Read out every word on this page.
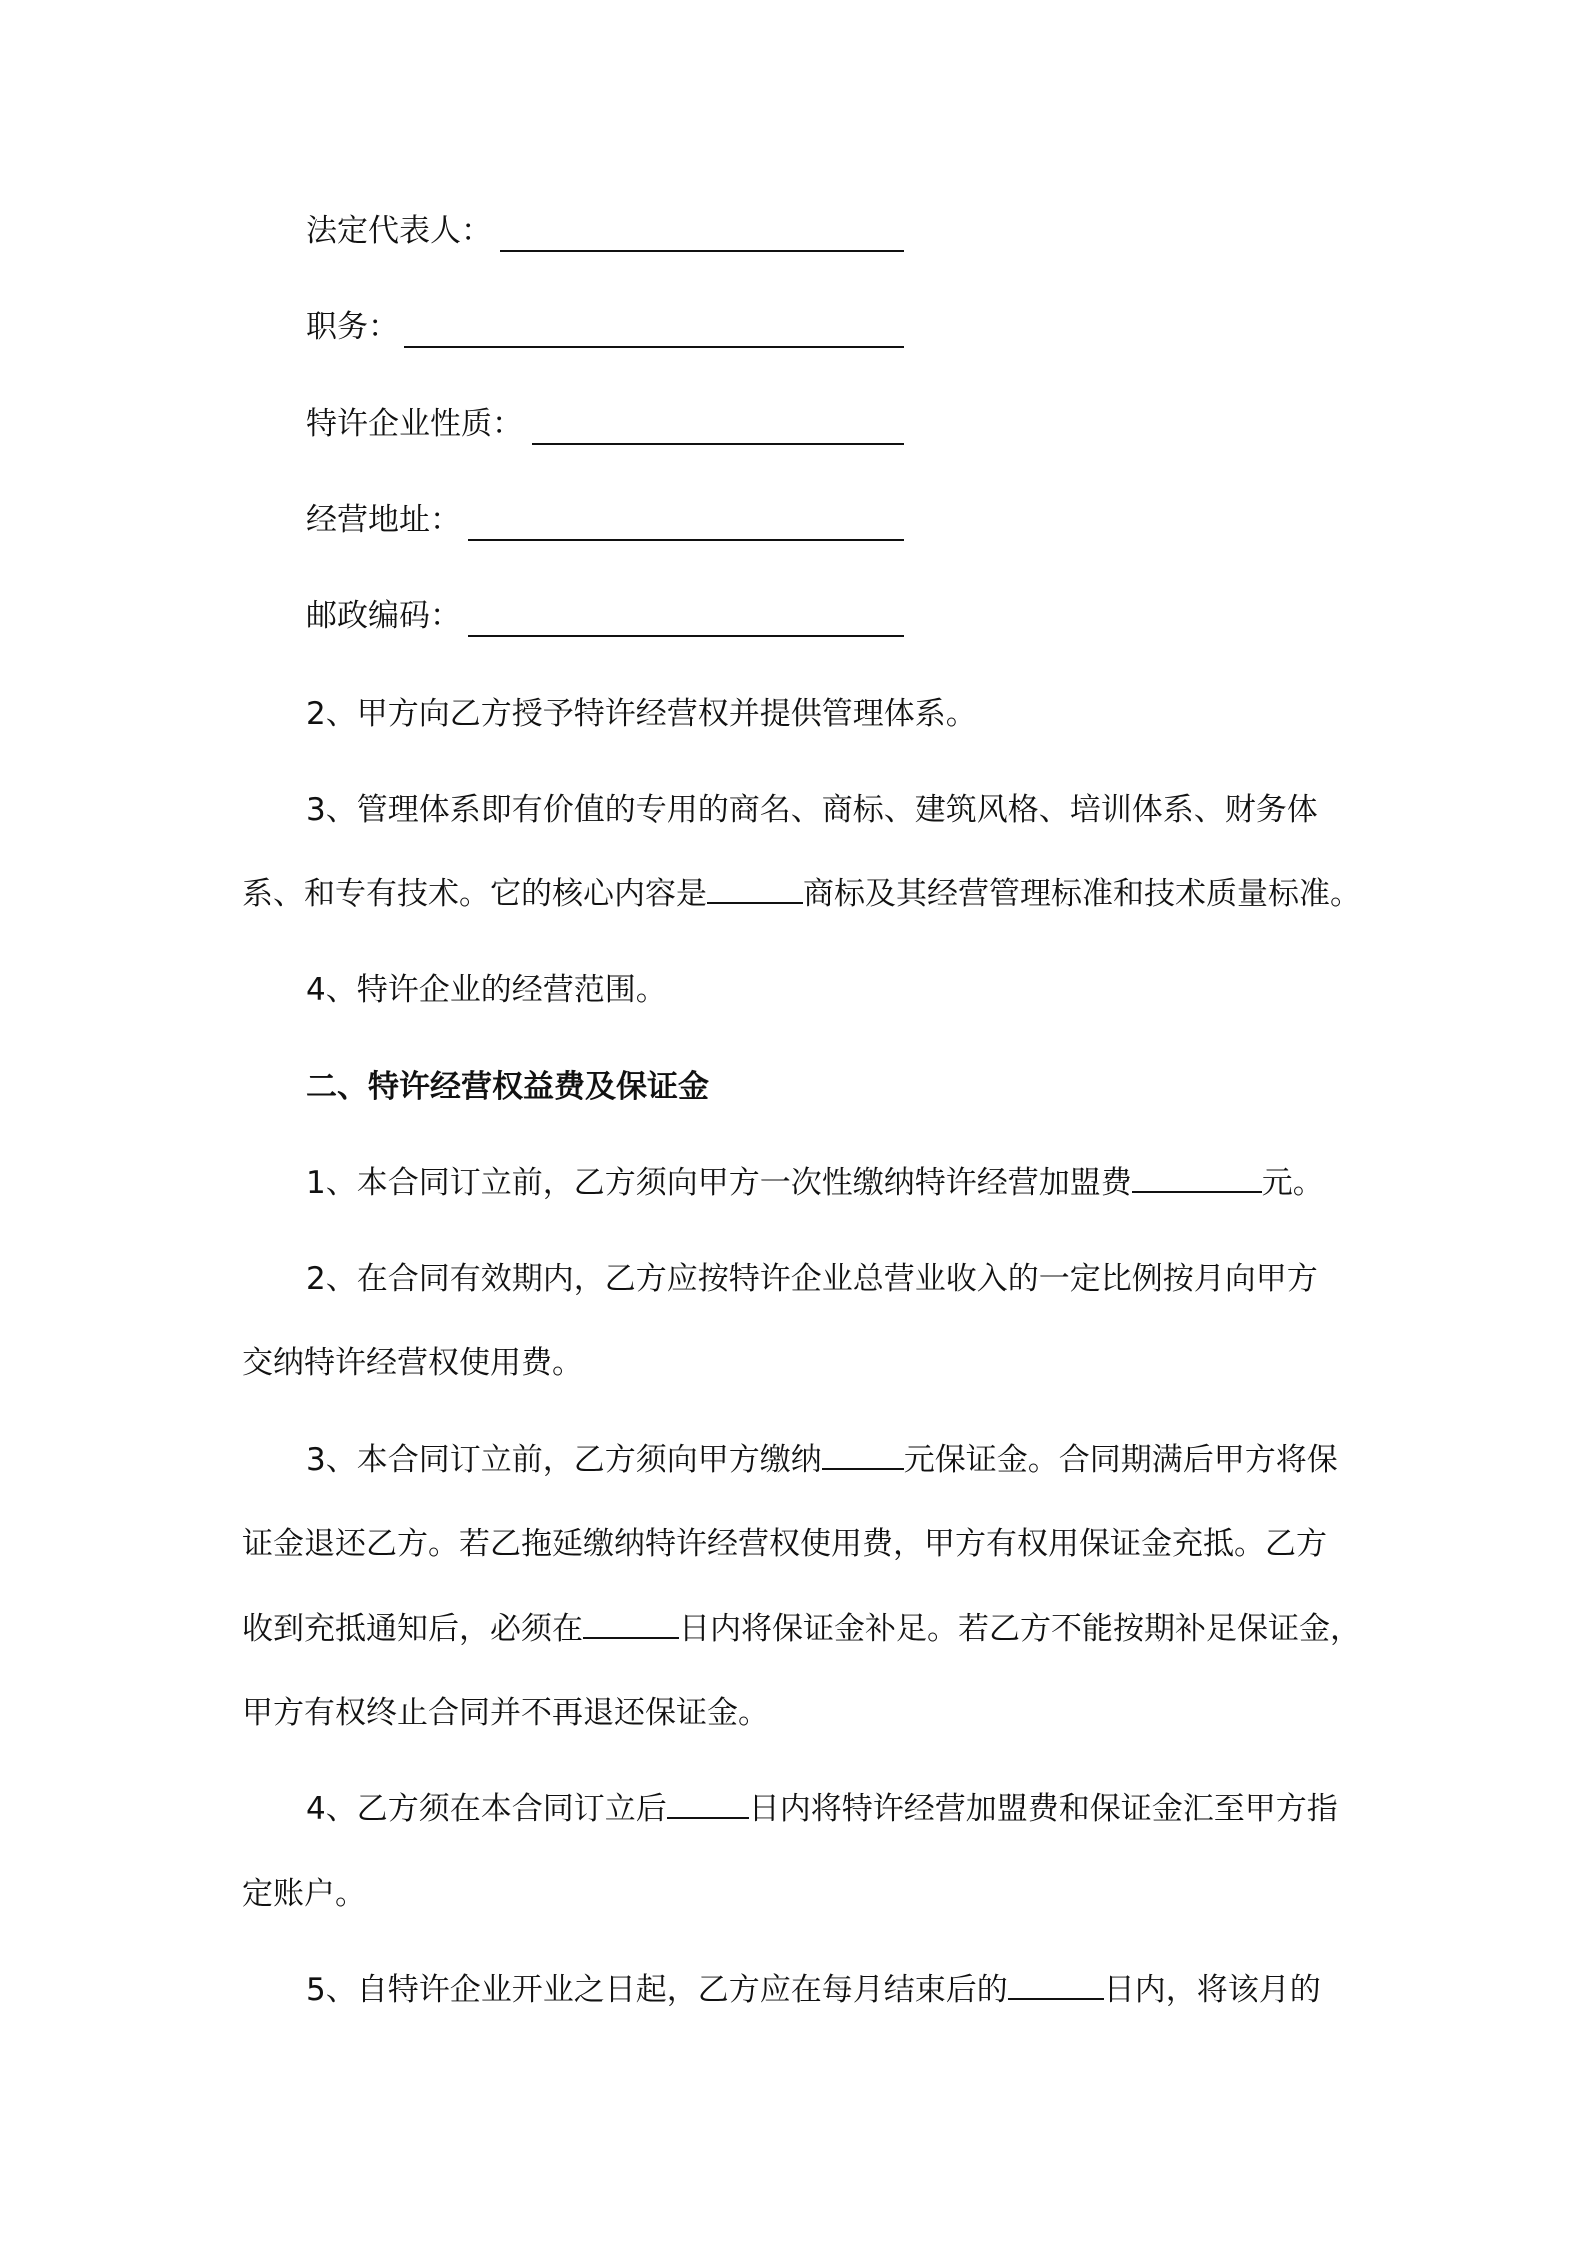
法定代表人：
职务：
特许企业性质：
经营地址：
邮政编码：
2、甲方向乙方授予特许经营权并提供管理体系。
3、管理体系即有价值的专用的商名、商标、建筑风格、培训体系、财务体
系、和专有技术。它的核心内容是	商标及其经营管理标准和技术质量标准。
4、特许企业的经营范围。
二、特许经营权益费及保证金
1、本合同订立前，乙方须向甲方一次性缴纳特许经营加盟费	元。
2、在合同有效期内，乙方应按特许企业总营业收入的一定比例按月向甲方
交纳特许经营权使用费。
3、本合同订立前，乙方须向甲方缴纳	元保证金。合同期满后甲方将保
证金退还乙方。若乙拖延缴纳特许经营权使用费，甲方有权用保证金充抵。乙方
收到充抵通知后，必须在	日内将保证金补足。若乙方不能按期补足保证金，
甲方有权终止合同并不再退还保证金。
4、乙方须在本合同订立后	日内将特许经营加盟费和保证金汇至甲方指
定账户。
5、自特许企业开业之日起，乙方应在每月结束后的	日内，将该月的
